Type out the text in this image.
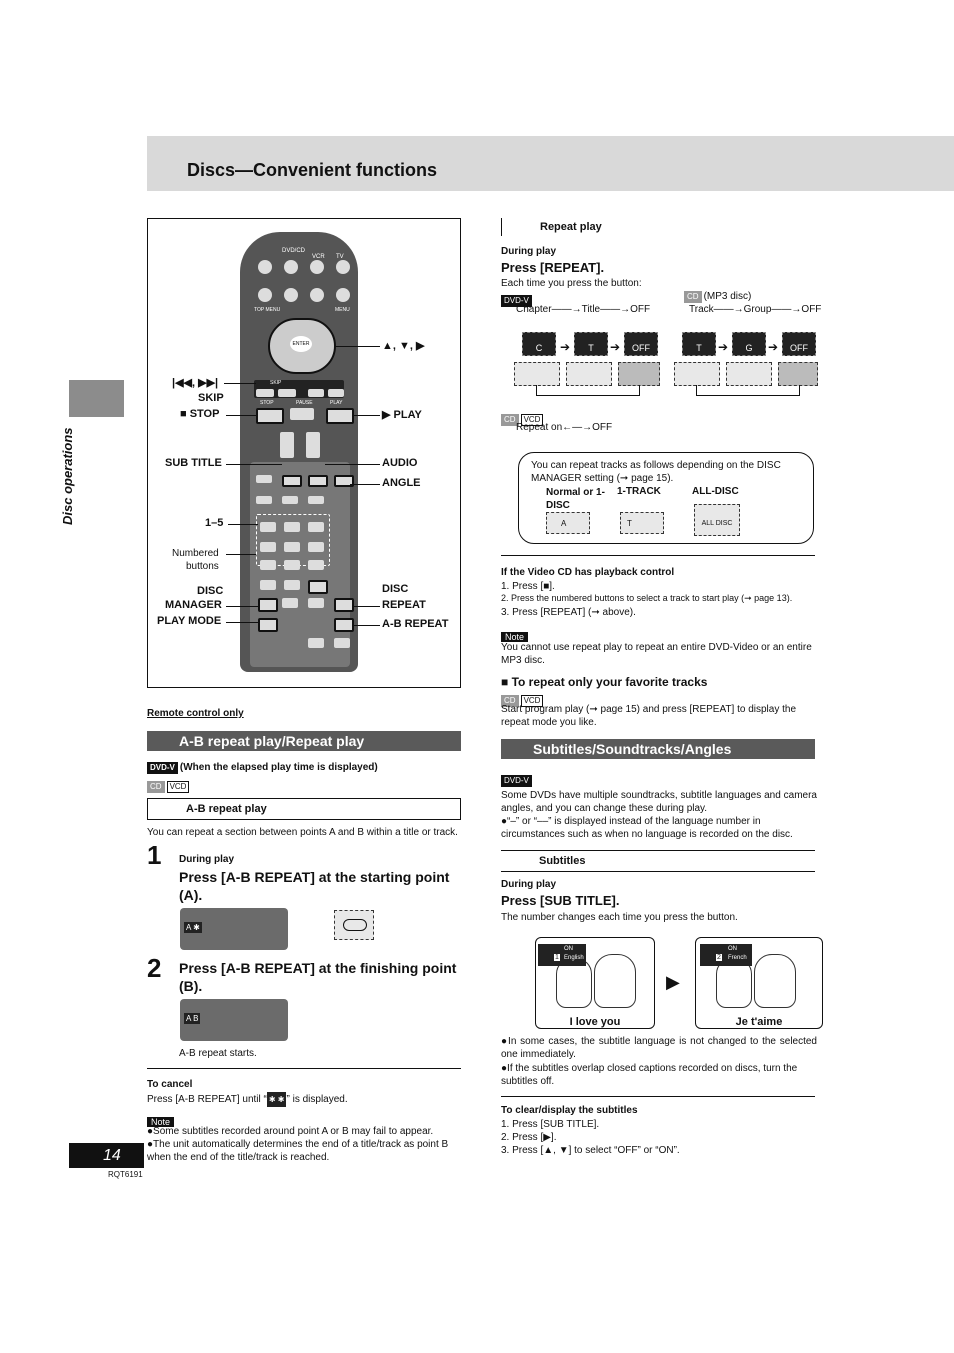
Discs—Convenient functions
Disc operations
14
RQT6191
DVD/CD
VCR TV
TOP MENU	MENU
ENTER
SKIP
STOP	PAUSE	PLAY
▲, ▼, ▶
|◀◀, ▶▶|
SKIP
■ STOP	▶ PLAY
SUB TITLE	AUDIO
ANGLE
1–5
Numbered
buttons
DISC
MANAGER
PLAY MODE
DISC
REPEAT
A-B REPEAT
Remote control only
A-B repeat play/Repeat play
DVD-V (When the elapsed play time is displayed)
CD VCD
A-B repeat play
You can repeat a section between points A and B within a title or track.
1 During play
Press [A-B REPEAT] at the starting point (A).
A ✱
2 Press [A-B REPEAT] at the finishing point (B).
A B
A-B repeat starts.
To cancel
Press [A-B REPEAT] until “ ✱ ✱ ” is displayed.
Note
●Some subtitles recorded around point A or B may fail to appear.
●The unit automatically determines the end of a title/track as point B when the end of the title/track is reached.
Repeat play
During play
Press [REPEAT].
Each time you press the button:
DVD-V	CD (MP3 disc)
Chapter——→Title——→OFF	Track——→Group——→OFF
C	➔	T	➔	OFF	T	➔	G	➔	OFF
CD VCD
Repeat on←—→OFF
You can repeat tracks as follows depending on the DISC MANAGER setting (➞ page 15).
Normal or 1-DISC
1-TRACK	ALL-DISC
A	T	ALL DISC
If the Video CD has playback control
1. Press [■].
2. Press the numbered buttons to select a track to start play (➞ page 13).
3. Press [REPEAT] (➞ above).
Note
You cannot use repeat play to repeat an entire DVD-Video or an entire MP3 disc.
■ To repeat only your favorite tracks
CD VCD
Start program play (➞ page 15) and press [REPEAT] to display the repeat mode you like.
Subtitles/Soundtracks/Angles
DVD-V
Some DVDs have multiple soundtracks, subtitle languages and camera angles, and you can change these during play.
●“–” or “––” is displayed instead of the language number in circumstances such as when no language is recorded on the disc.
Subtitles
During play
Press [SUB TITLE].
The number changes each time you press the button.
ON
1 English
I love you
▶
ON
2 French
Je t'aime
●In some cases, the subtitle language is not changed to the selected one immediately.
●If the subtitles overlap closed captions recorded on discs, turn the subtitles off.
To clear/display the subtitles
1. Press [SUB TITLE].
2. Press [▶].
3. Press [▲, ▼] to select “OFF” or “ON”.
